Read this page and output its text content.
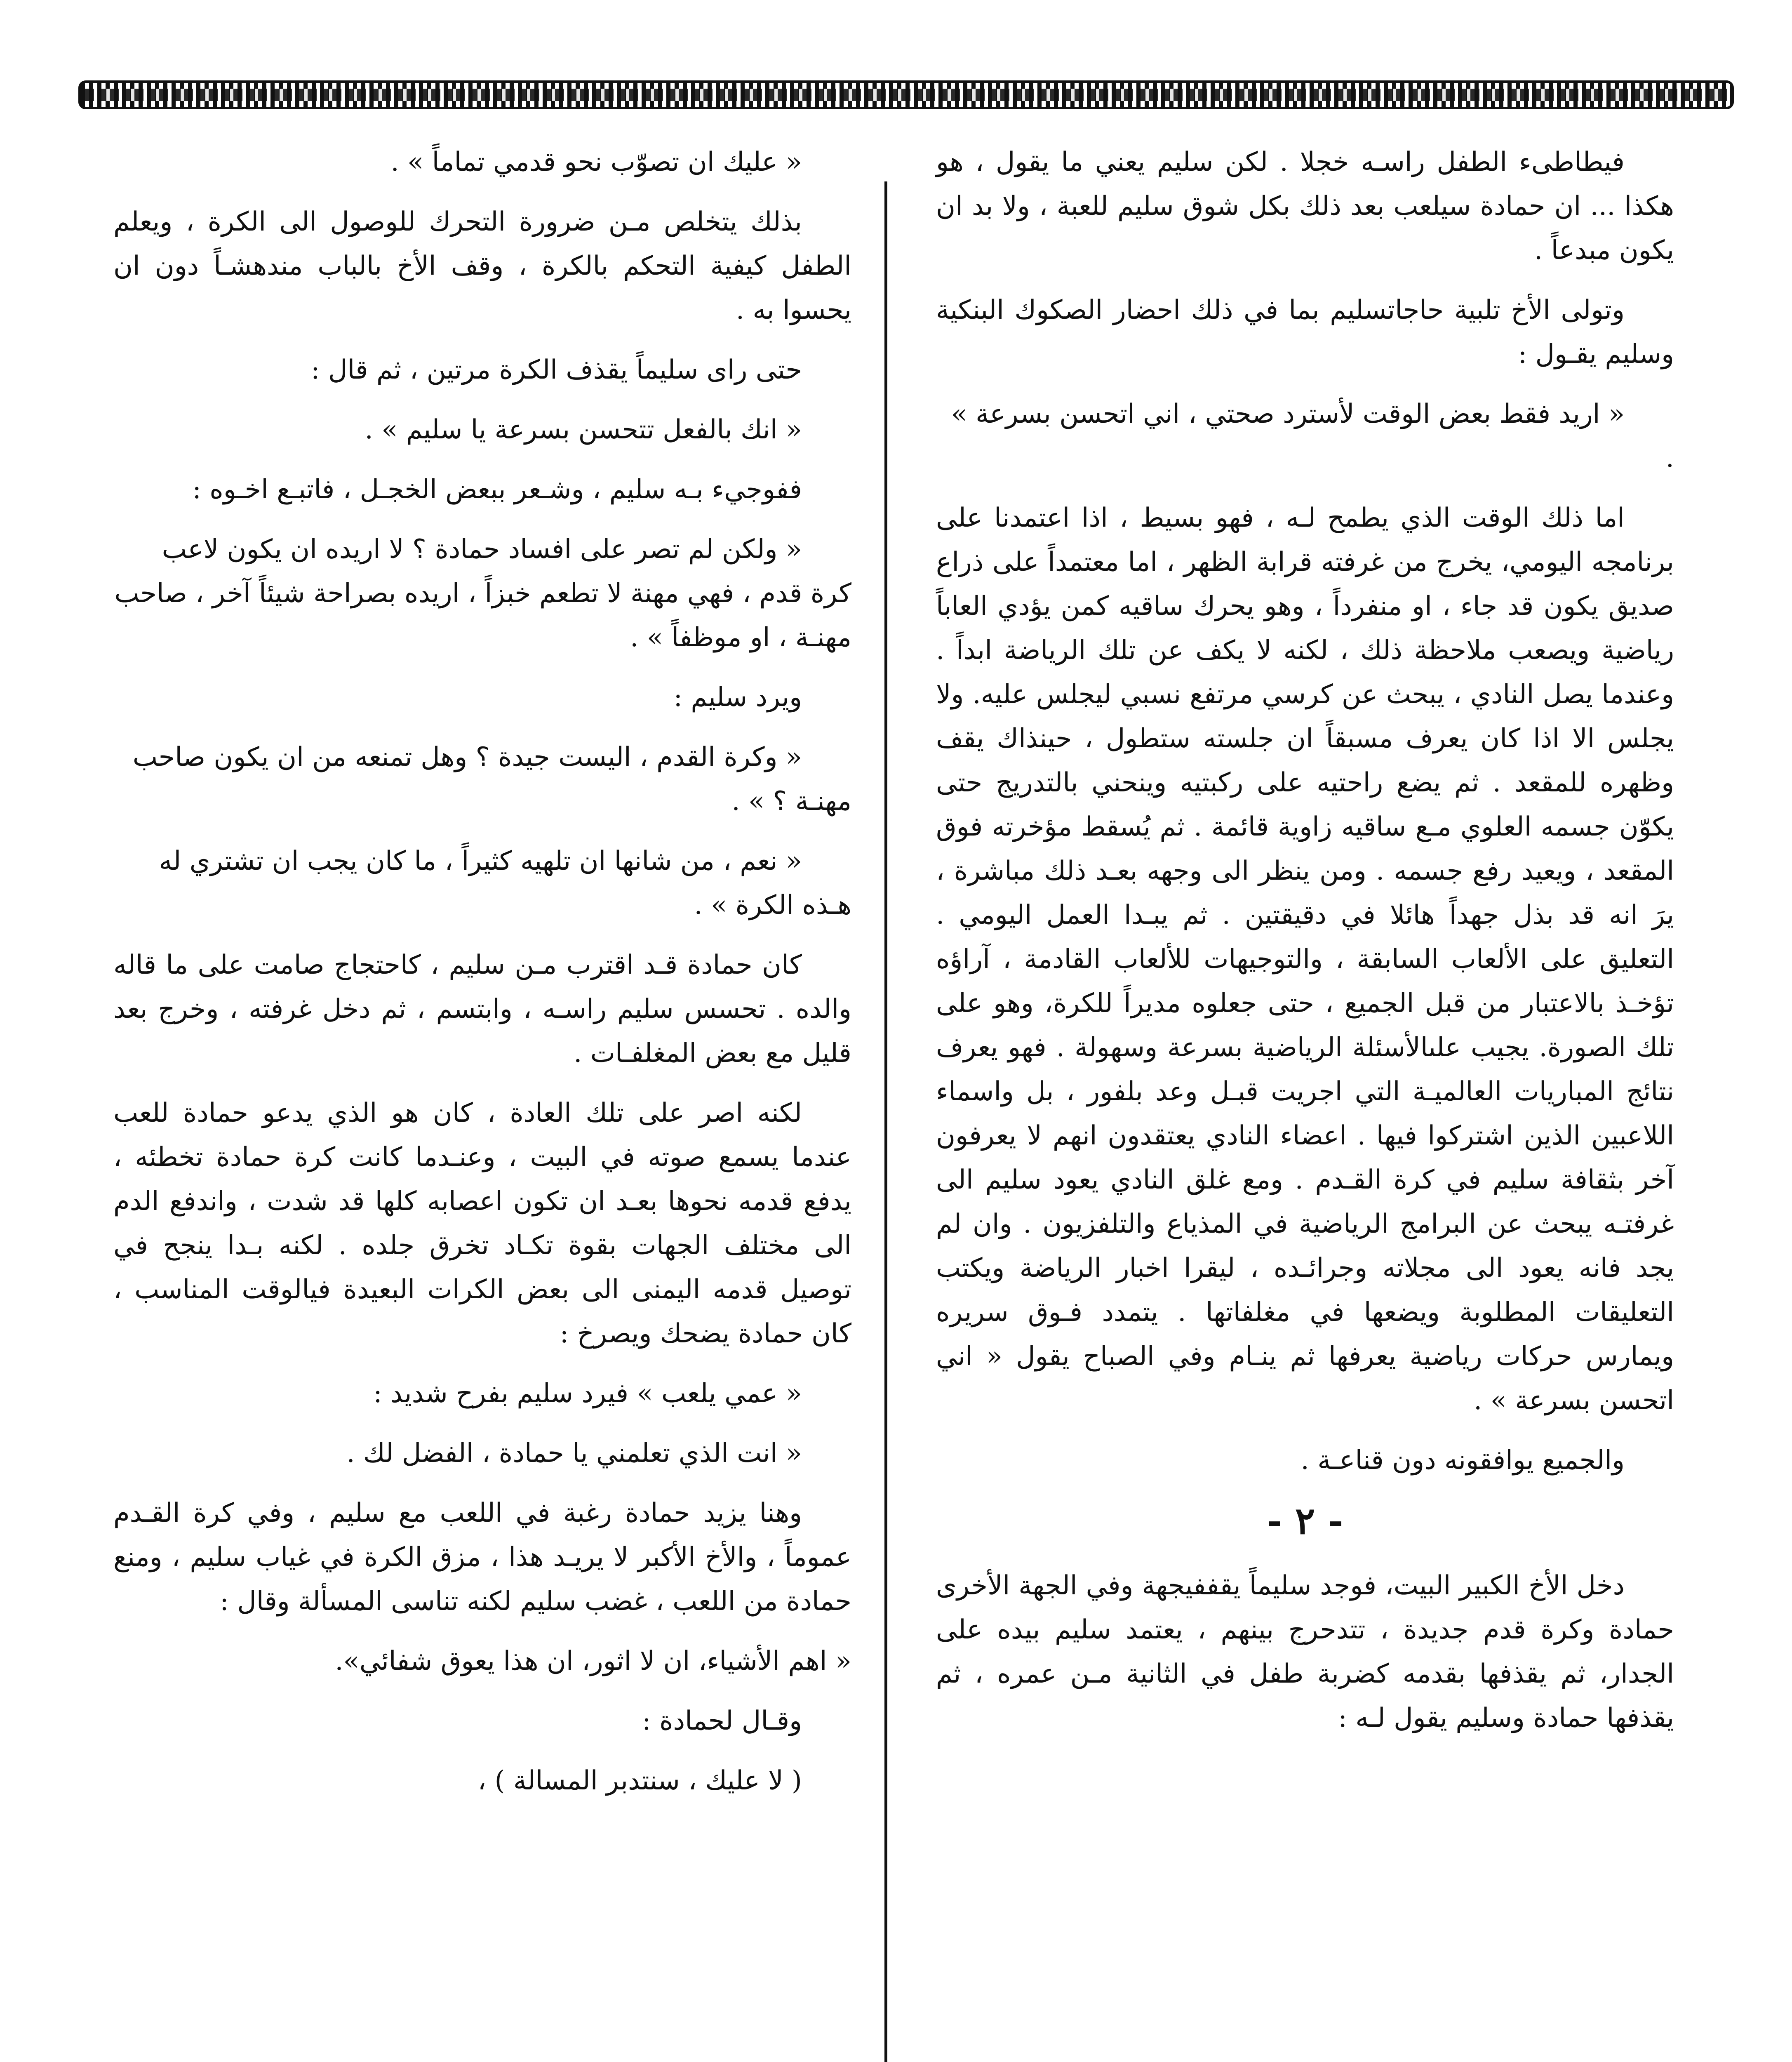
فيطاطىء الطفل راسـه خجلا . لكن سليم يعني ما يقول ، هو هكذا ... ان حمادة سيلعب بعد ذلك بكل شوق سليم للعبة ، ولا بد ان يكون مبدعاً .

وتولى الأخ تلبية حاجاتسليم بما في ذلك احضار الصكوك البنكية وسليم يقـول :

« اريد فقط بعض الوقت لأسترد صحتي ، اني اتحسن بسرعة » .

اما ذلك الوقت الذي يطمح لـه ، فهو بسيط ، اذا اعتمدنا على برنامجه اليومي، يخرج من غرفته قرابة الظهر ، اما معتمداً على ذراع صديق يكون قد جاء ، او منفرداً ، وهو يحرك ساقيه كمن يؤدي العاباً رياضية ويصعب ملاحظة ذلك ، لكنه لا يكف عن تلك الرياضة ابداً . وعندما يصل النادي ، يبحث عن كرسي مرتفع نسبي ليجلس عليه. ولا يجلس الا اذا كان يعرف مسبقاً ان جلسته ستطول ، حينذاك يقف وظهره للمقعد . ثم يضع راحتيه على ركبتيه وينحني بالتدريج حتى يكوّن جسمه العلوي مـع ساقيه زاوية قائمة . ثم يُسقط مؤخرته فوق المقعد ، ويعيد رفع جسمه . ومن ينظر الى وجهه بعـد ذلك مباشرة ، يرَ انه قد بذل جهداً هائلا في دقيقتين . ثم يبـدا العمل اليومي . التعليق على الألعاب السابقة ، والتوجيهات للألعاب القادمة ، آراؤه تؤخـذ بالاعتبار من قبل الجميع ، حتى جعلوه مديراً للكرة، وهو على تلك الصورة. يجيب علىالأسئلة الرياضية بسرعة وسهولة . فهو يعرف نتائج المباريات العالميـة التي اجريت قبـل وعد بلفور ، بل واسماء اللاعبين الذين اشتركوا فيها . اعضاء النادي يعتقدون انهم لا يعرفون آخر بثقافة سليم في كرة القـدم . ومع غلق النادي يعود سليم الى غرفتـه يبحث عن البرامج الرياضية في المذياع والتلفزيون . وان لم يجد فانه يعود الى مجلاته وجرائـده ، ليقرا اخبار الرياضة ويكتب التعليقات المطلوبة ويضعها في مغلفاتها . يتمدد فـوق سريره ويمارس حركات رياضية يعرفها ثم ينـام وفي الصباح يقول « اني اتحسن بسرعة » .

والجميع يوافقونه دون قناعـة .

- ٢ -

دخل الأخ الكبير البيت، فوجد سليماً يقففيجهة وفي الجهة الأخرى حمادة وكرة قدم جديدة ، تتدحرج بينهم ، يعتمد سليم بيده على الجدار، ثم يقذفها بقدمه كضربة طفل في الثانية مـن عمره ، ثم يقذفها حمادة وسليم يقول لـه :

« عليك ان تصوّب نحو قدمي تماماً » .

بذلك يتخلص مـن ضرورة التحرك للوصول الى الكرة ، ويعلم الطفل كيفية التحكم بالكرة ، وقف الأخ بالباب مندهشـاً دون ان يحسوا به .

حتى راى سليماً يقذف الكرة مرتين ، ثم قال :

« انك بالفعل تتحسن بسرعة يا سليم » .

ففوجيء بـه سليم ، وشـعر ببعض الخجـل ، فاتبـع اخـوه :

« ولكن لم تصر على افساد حمادة ؟ لا اريده ان يكون لاعب كرة قدم ، فهي مهنة لا تطعم خبزاً ، اريده بصراحة شيئاً آخر ، صاحب مهنـة ، او موظفاً » .

ويرد سليم :

« وكرة القدم ، اليست جيدة ؟ وهل تمنعه من ان يكون صاحب مهنـة ؟ » .

« نعم ، من شانها ان تلهيه كثيراً ، ما كان يجب ان تشتري له هـذه الكرة » .

كان حمادة قـد اقترب مـن سليم ، كاحتجاج صامت على ما قاله والده . تحسس سليم راسـه ، وابتسم ، ثم دخل غرفته ، وخرج بعد قليل مع بعض المغلفـات .

لكنه اصر على تلك العادة ، كان هو الذي يدعو حمادة للعب عندما يسمع صوته في البيت ، وعنـدما كانت كرة حمادة تخطئه ، يدفع قدمه نحوها بعـد ان تكون اعصابه كلها قد شدت ، واندفع الدم الى مختلف الجهات بقوة تكـاد تخرق جلده . لكنه بـدا ينجح في توصيل قدمه اليمنى الى بعض الكرات البعيدة فيالوقت المناسب ، كان حمادة يضحك ويصرخ :

« عمي يلعب » فيرد سليم بفرح شديد :

« انت الذي تعلمني يا حمادة ، الفضل لك .

وهنا يزيد حمادة رغبة في اللعب مع سليم ، وفي كرة القـدم عموماً ، والأخ الأكبر لا يريـد هذا ، مزق الكرة في غياب سليم ، ومنع حمادة من اللعب ، غضب سليم لكنه تناسى المسألة وقال :

« اهم الأشياء، ان لا اثور، ان هذا يعوق شفائي».

وقـال لحمادة :

( لا عليك ، سنتدبر المسالة ) ،
